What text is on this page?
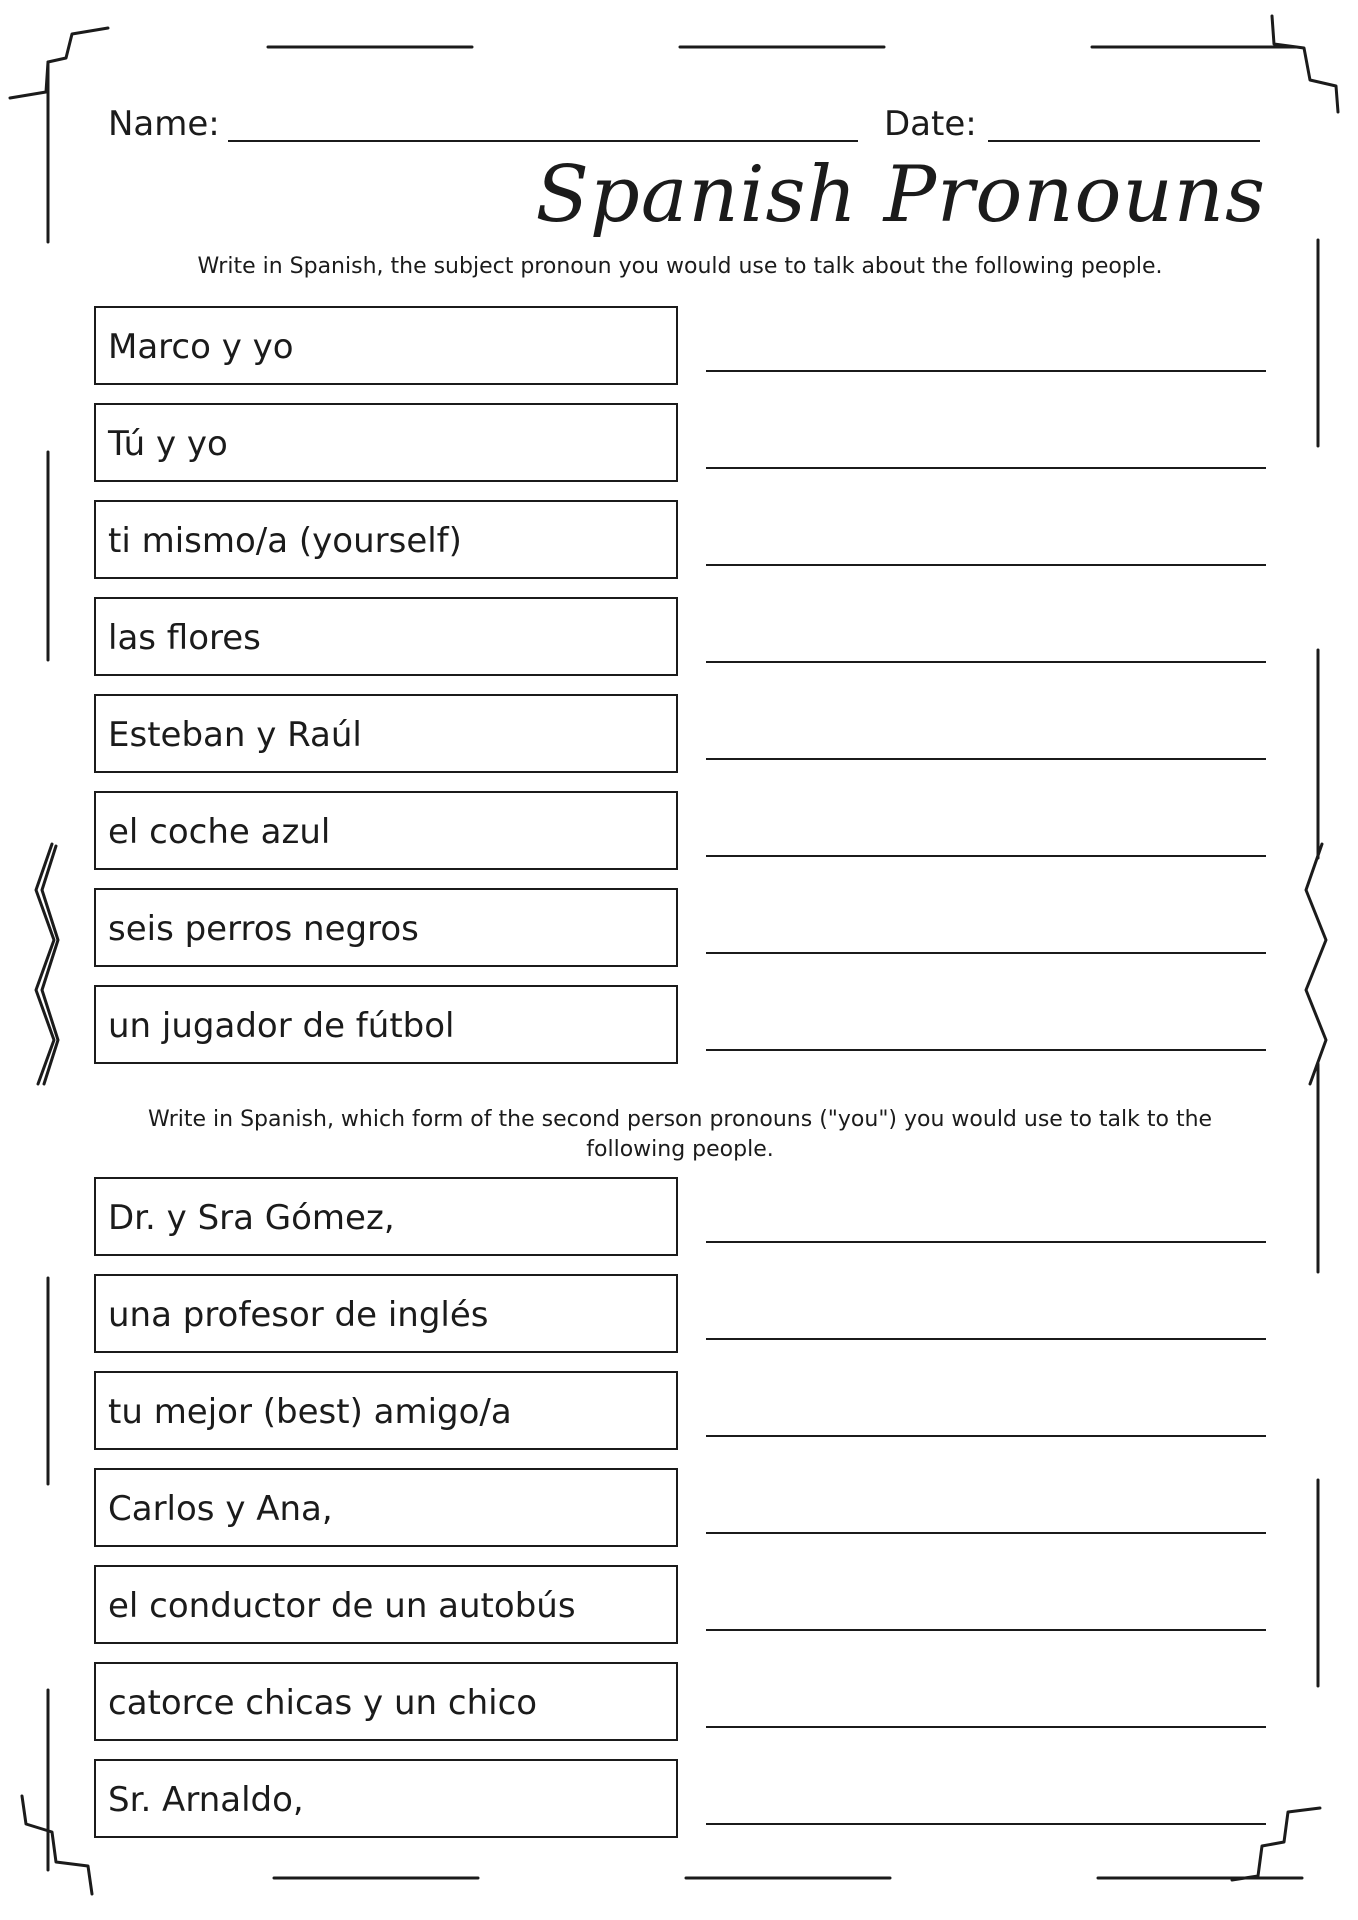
Name:	Date:
Spanish Pronouns
Write in Spanish, the subject pronoun you would use to talk about the following people.
Marco y yo
Tú y yo
ti mismo/a (yourself)
las flores
Esteban y Raúl
el coche azul
seis perros negros
un jugador de fútbol
Write in Spanish, which form of the second person pronouns ("you") you would use to talk to the following people.
Dr. y Sra Gómez,
una profesor de inglés
tu mejor (best) amigo/a
Carlos y Ana,
el conductor de un autobús
catorce chicas y un chico
Sr. Arnaldo,
